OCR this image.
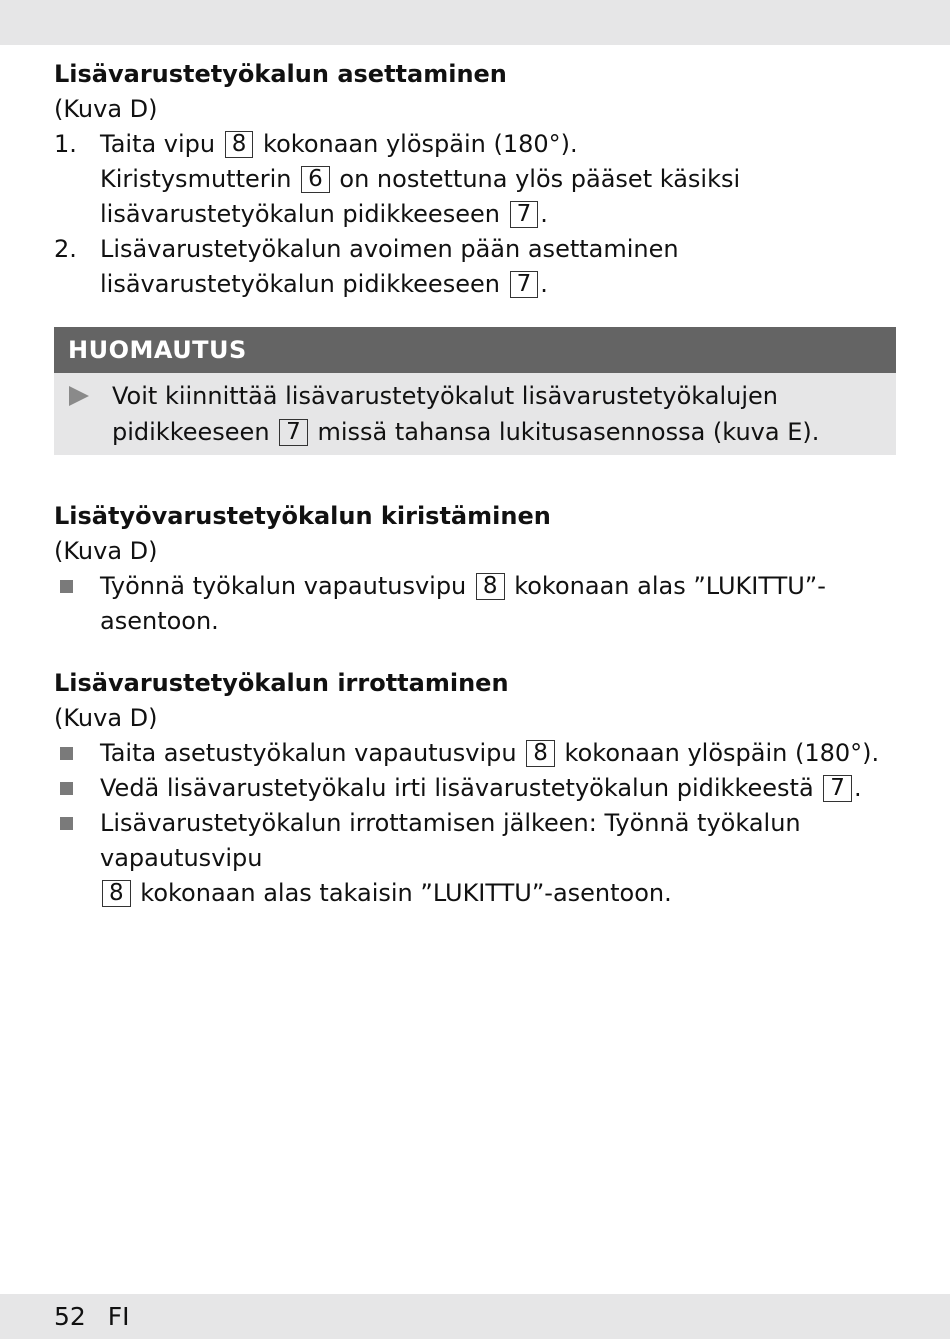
Lisävarustetyökalun asettaminen

(Kuva D)

1. Taita vipu 8 kokonaan ylöspäin (180°).
Kiristysmutterin 6 on nostettuna ylös pääset käsiksi lisävarustetyökalun pidikkeeseen 7 .
2. Lisävarustetyökalun avoimen pään asettaminen lisävarustetyökalun pidikkeeseen 7 .
HUOMAUTUS
Voit kiinnittää lisävarustetyökalut lisävarustetyökalujen pidikkeeseen 7 missä tahansa lukitusasennossa (kuva E).
Lisätyövarustetyökalun kiristäminen

(Kuva D)

Työnnä työkalun vapautusvipu 8 kokonaan alas ”LUKITTU”-asentoon.
Lisävarustetyökalun irrottaminen

(Kuva D)

Taita asetustyökalun vapautusvipu 8 kokonaan ylöspäin (180°).
Vedä lisävarustetyökalu irti lisävarustetyökalun pidikkeestä 7 .
Lisävarustetyökalun irrottamisen jälkeen: Työnnä työkalun vapautusvipu
8 kokonaan alas takaisin ”LUKITTU”-asentoon.
52 FI
